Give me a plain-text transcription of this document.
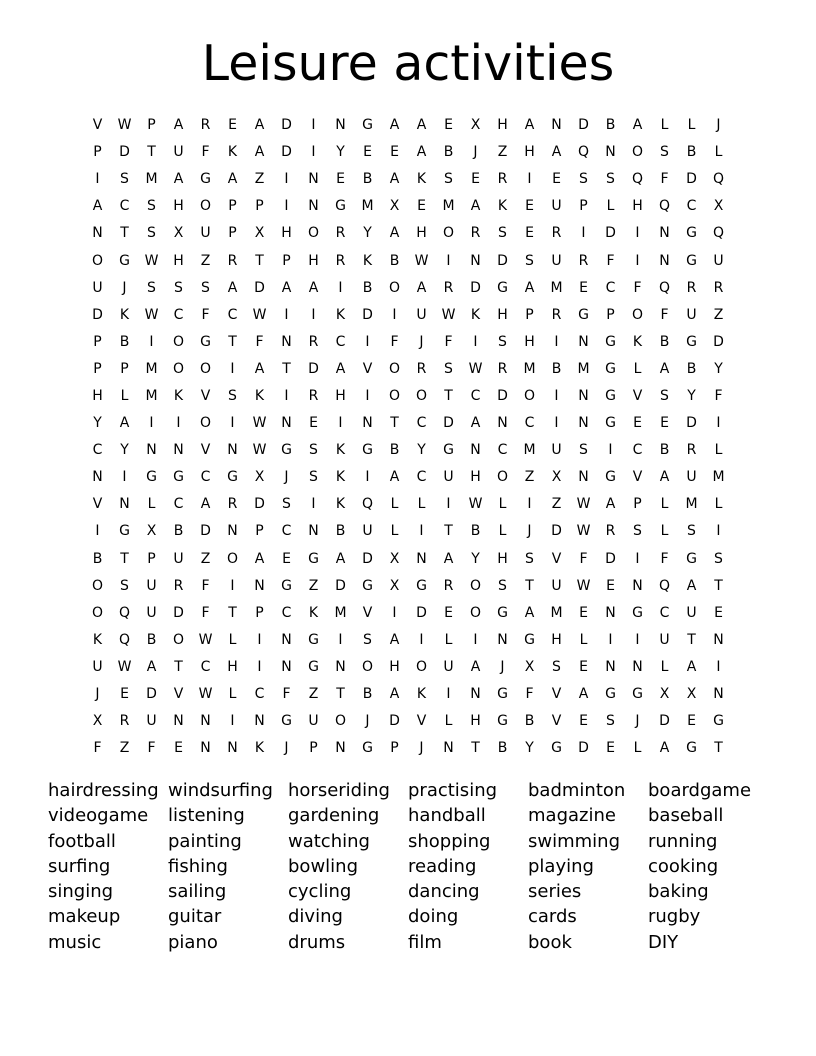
Leisure activities
V	W	P	A	R	E	A	D	I	N	G	A	A	E	X	H	A	N	D	B	A	L	L	J
P	D	T	U	F	K	A	D	I	Y	E	E	A	B	J	Z	H	A	Q	N	O	S	B	L
I	S	M	A	G	A	Z	I	N	E	B	A	K	S	E	R	I	E	S	S	Q	F	D	Q
A	C	S	H	O	P	P	I	N	G	M	X	E	M	A	K	E	U	P	L	H	Q	C	X
N	T	S	X	U	P	X	H	O	R	Y	A	H	O	R	S	E	R	I	D	I	N	G	Q
O	G	W	H	Z	R	T	P	H	R	K	B	W	I	N	D	S	U	R	F	I	N	G	U
U	J	S	S	S	A	D	A	A	I	B	O	A	R	D	G	A	M	E	C	F	Q	R	R
D	K	W	C	F	C	W	I	I	K	D	I	U	W	K	H	P	R	G	P	O	F	U	Z
P	B	I	O	G	T	F	N	R	C	I	F	J	F	I	S	H	I	N	G	K	B	G	D
P	P	M	O	O	I	A	T	D	A	V	O	R	S	W	R	M	B	M	G	L	A	B	Y
H	L	M	K	V	S	K	I	R	H	I	O	O	T	C	D	O	I	N	G	V	S	Y	F
Y	A	I	I	O	I	W	N	E	I	N	T	C	D	A	N	C	I	N	G	E	E	D	I
C	Y	N	N	V	N	W	G	S	K	G	B	Y	G	N	C	M	U	S	I	C	B	R	L
N	I	G	G	C	G	X	J	S	K	I	A	C	U	H	O	Z	X	N	G	V	A	U	M
V	N	L	C	A	R	D	S	I	K	Q	L	L	I	W	L	I	Z	W	A	P	L	M	L
I	G	X	B	D	N	P	C	N	B	U	L	I	T	B	L	J	D	W	R	S	L	S	I
B	T	P	U	Z	O	A	E	G	A	D	X	N	A	Y	H	S	V	F	D	I	F	G	S
O	S	U	R	F	I	N	G	Z	D	G	X	G	R	O	S	T	U	W	E	N	Q	A	T
O	Q	U	D	F	T	P	C	K	M	V	I	D	E	O	G	A	M	E	N	G	C	U	E
K	Q	B	O	W	L	I	N	G	I	S	A	I	L	I	N	G	H	L	I	I	U	T	N
U	W	A	T	C	H	I	N	G	N	O	H	O	U	A	J	X	S	E	N	N	L	A	I
J	E	D	V	W	L	C	F	Z	T	B	A	K	I	N	G	F	V	A	G	G	X	X	N
X	R	U	N	N	I	N	G	U	O	J	D	V	L	H	G	B	V	E	S	J	D	E	G
F	Z	F	E	N	N	K	J	P	N	G	P	J	N	T	B	Y	G	D	E	L	A	G	T
hairdressing windsurfing horseriding	practising	badminton	boardgame
videogame	listening	gardening	handball	magazine	baseball
football	painting	watching	shopping	swimming	running
surfing	fishing	bowling	reading	playing	cooking
singing	sailing	cycling	dancing	series	baking
makeup	guitar	diving	doing	cards	rugby
music	piano	drums	film	book	DIY
